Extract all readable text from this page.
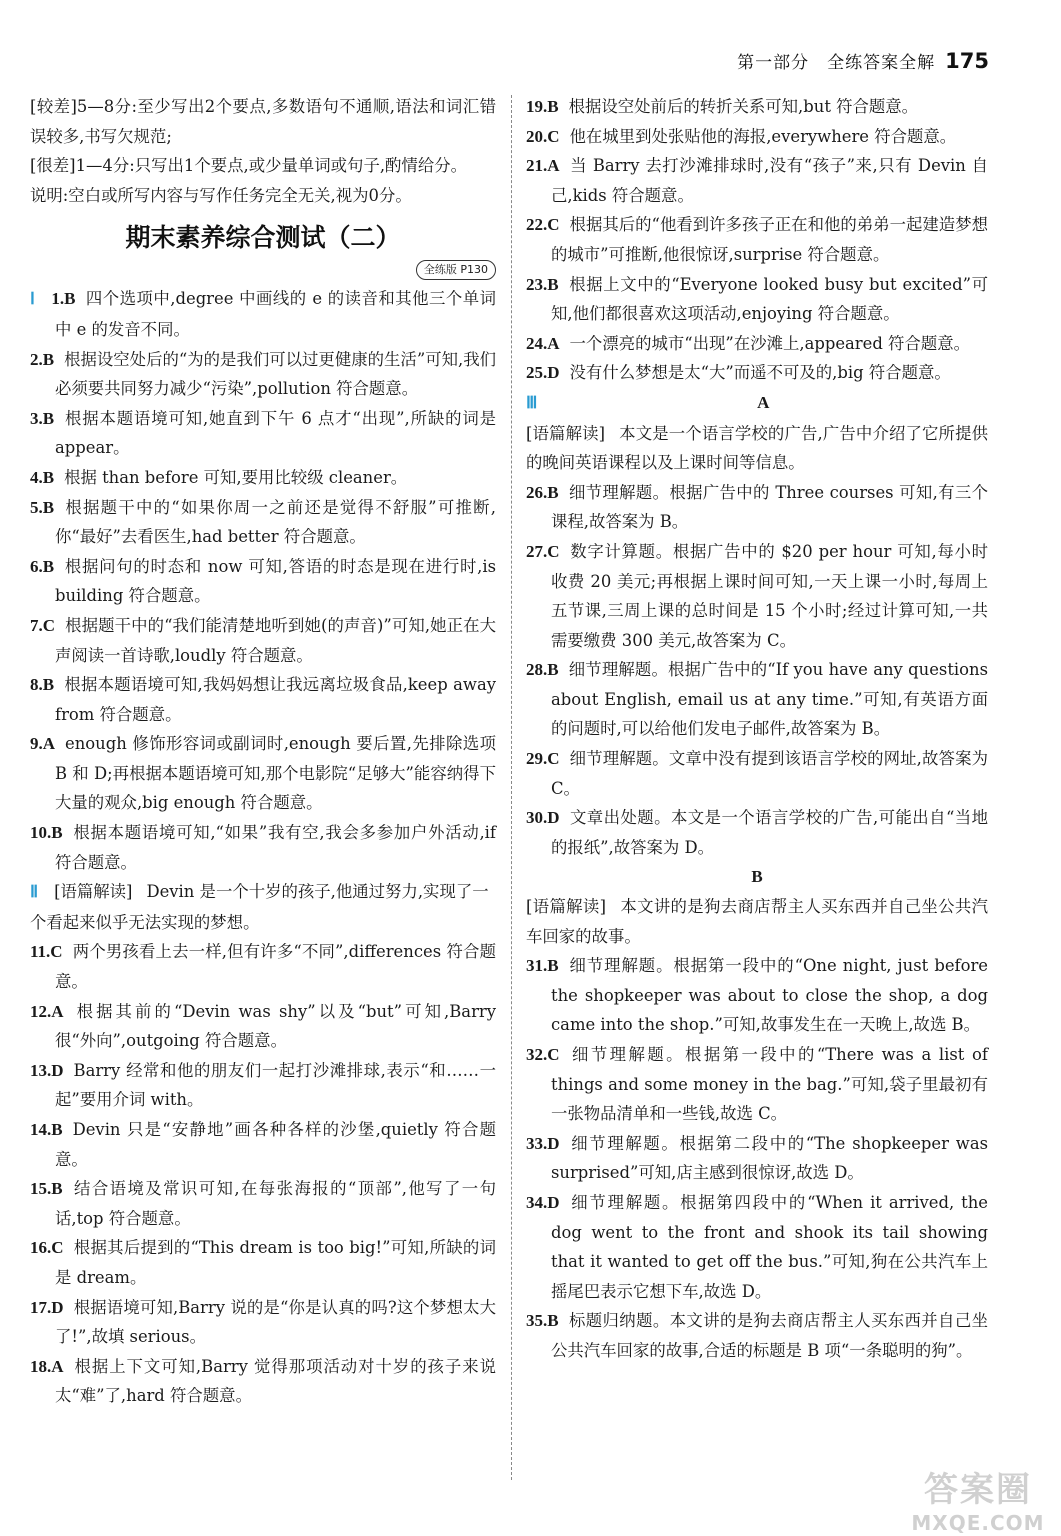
第一部分　全练答案全解 175

[较差]5—8分:至少写出2个要点,多数语句不通顺,语法和词汇错误较多,书写欠规范;

[很差]1—4分:只写出1个要点,或少量单词或句子,酌情给分。

说明:空白或所写内容与写作任务完全无关,视为0分。

期末素养综合测试（二）
全练版 P130

Ⅰ 1.B 四个选项中,degree 中画线的 e 的读音和其他三个单词中 e 的发音不同。

2.B 根据设空处后的“为的是我们可以过更健康的生活”可知,我们必须要共同努力减少“污染”,pollution 符合题意。

3.B 根据本题语境可知,她直到下午 6 点才“出现”,所缺的词是 appear。

4.B 根据 than before 可知,要用比较级 cleaner。

5.B 根据题干中的“如果你周一之前还是觉得不舒服”可推断,你“最好”去看医生,had better 符合题意。

6.B 根据问句的时态和 now 可知,答语的时态是现在进行时,is building 符合题意。

7.C 根据题干中的“我们能清楚地听到她(的声音)”可知,她正在大声阅读一首诗歌,loudly 符合题意。

8.B 根据本题语境可知,我妈妈想让我远离垃圾食品,keep away from 符合题意。

9.A enough 修饰形容词或副词时,enough 要后置,先排除选项 B 和 D;再根据本题语境可知,那个电影院“足够大”能容纳得下大量的观众,big enough 符合题意。

10.B 根据本题语境可知,“如果”我有空,我会多参加户外活动,if 符合题意。

Ⅱ [语篇解读] Devin 是一个十岁的孩子,他通过努力,实现了一个看起来似乎无法实现的梦想。

11.C 两个男孩看上去一样,但有许多“不同”,differences 符合题意。

12.A 根据其前的“Devin was shy”以及“but”可知,Barry 很“外向”,outgoing 符合题意。

13.D Barry 经常和他的朋友们一起打沙滩排球,表示“和……一起”要用介词 with。

14.B Devin 只是“安静地”画各种各样的沙堡,quietly 符合题意。

15.B 结合语境及常识可知,在每张海报的“顶部”,他写了一句话,top 符合题意。

16.C 根据其后提到的“This dream is too big!”可知,所缺的词是 dream。

17.D 根据语境可知,Barry 说的是“你是认真的吗?这个梦想太大了!”,故填 serious。

18.A 根据上下文可知,Barry 觉得那项活动对十岁的孩子来说太“难”了,hard 符合题意。

19.B 根据设空处前后的转折关系可知,but 符合题意。

20.C 他在城里到处张贴他的海报,everywhere 符合题意。

21.A 当 Barry 去打沙滩排球时,没有“孩子”来,只有 Devin 自己,kids 符合题意。

22.C 根据其后的“他看到许多孩子正在和他的弟弟一起建造梦想的城市”可推断,他很惊讶,surprise 符合题意。

23.B 根据上文中的“Everyone looked busy but excited”可知,他们都很喜欢这项活动,enjoying 符合题意。

24.A 一个漂亮的城市“出现”在沙滩上,appeared 符合题意。

25.D 没有什么梦想是太“大”而遥不可及的,big 符合题意。

Ⅲ	A

[语篇解读] 本文是一个语言学校的广告,广告中介绍了它所提供的晚间英语课程以及上课时间等信息。

26.B 细节理解题。根据广告中的 Three courses 可知,有三个课程,故答案为 B。

27.C 数字计算题。根据广告中的 $20 per hour 可知,每小时收费 20 美元;再根据上课时间可知,一天上课一小时,每周上五节课,三周上课的总时间是 15 个小时;经过计算可知,一共需要缴费 300 美元,故答案为 C。

28.B 细节理解题。根据广告中的“If you have any questions about English, email us at any time.”可知,有英语方面的问题时,可以给他们发电子邮件,故答案为 B。

29.C 细节理解题。文章中没有提到该语言学校的网址,故答案为 C。

30.D 文章出处题。本文是一个语言学校的广告,可能出自“当地的报纸”,故答案为 D。

B

[语篇解读] 本文讲的是狗去商店帮主人买东西并自己坐公共汽车回家的故事。

31.B 细节理解题。根据第一段中的“One night, just before the shopkeeper was about to close the shop, a dog came into the shop.”可知,故事发生在一天晚上,故选 B。

32.C 细节理解题。根据第一段中的“There was a list of things and some money in the bag.”可知,袋子里最初有一张物品清单和一些钱,故选 C。

33.D 细节理解题。根据第二段中的“The shopkeeper was surprised”可知,店主感到很惊讶,故选 D。

34.D 细节理解题。根据第四段中的“When it arrived, the dog went to the front and shook its tail showing that it wanted to get off the bus.”可知,狗在公共汽车上摇尾巴表示它想下车,故选 D。

35.B 标题归纳题。本文讲的是狗去商店帮主人买东西并自己坐公共汽车回家的故事,合适的标题是 B 项“一条聪明的狗”。

答案圈
MXQE.COM
